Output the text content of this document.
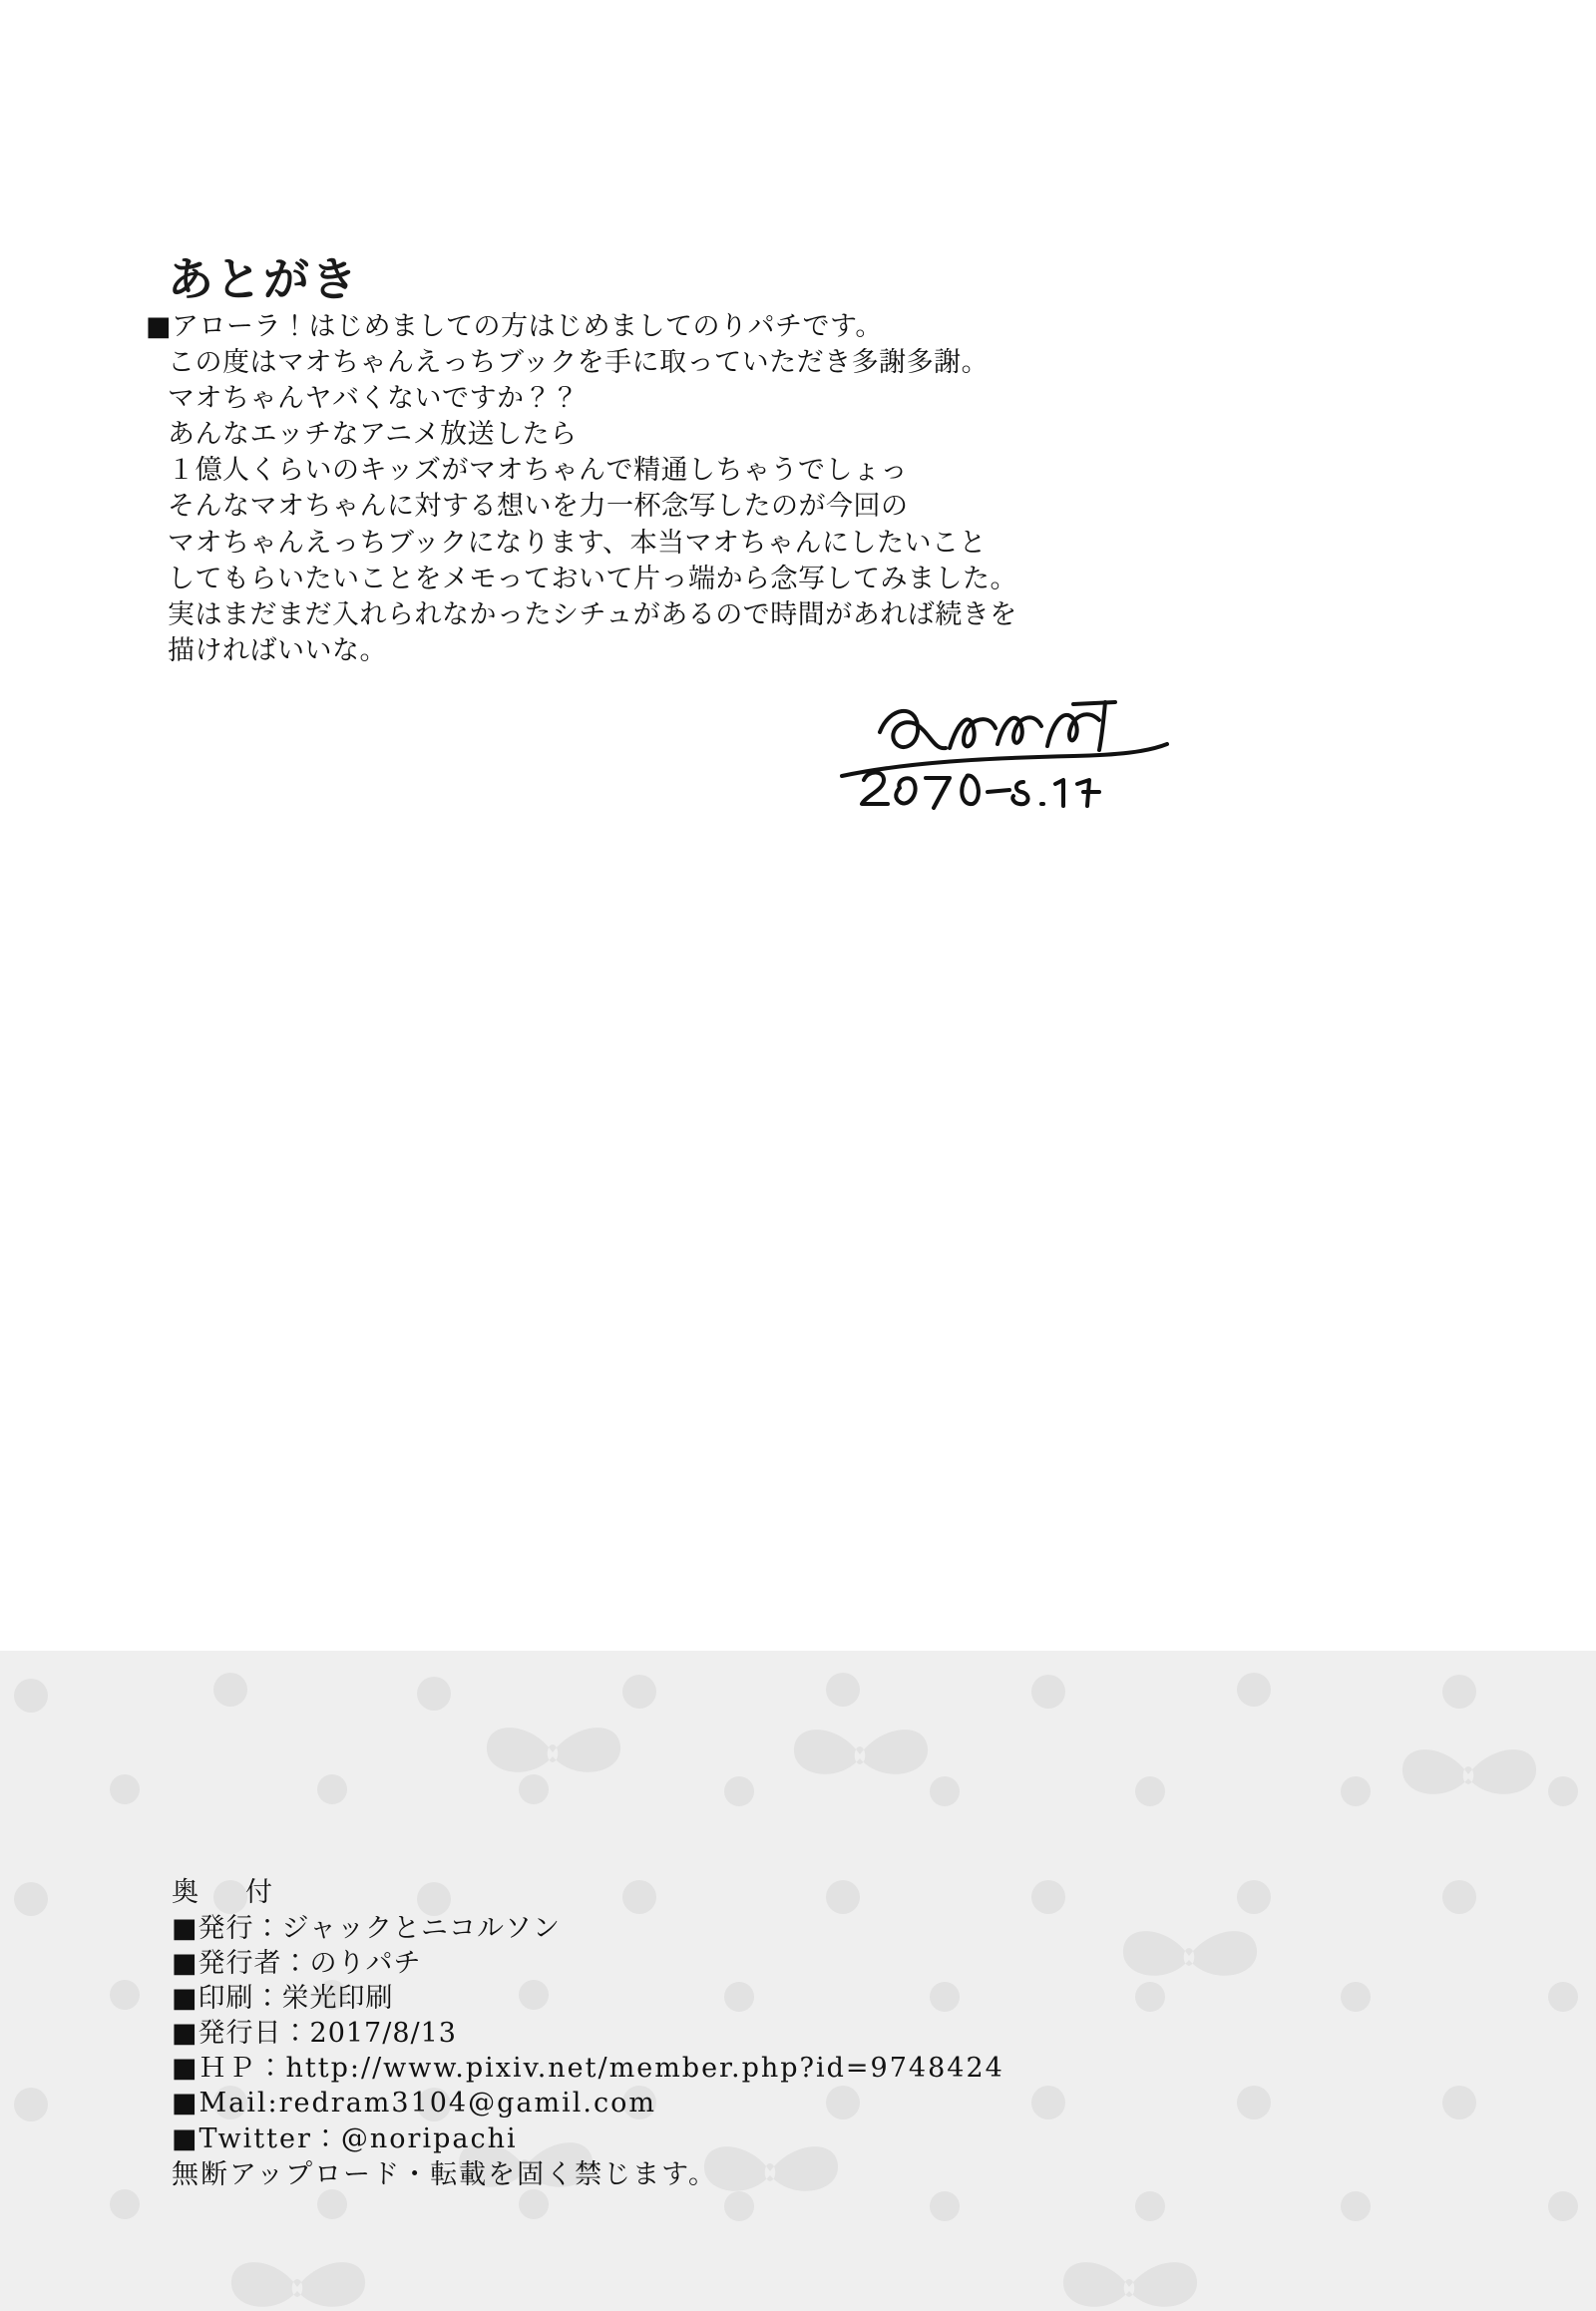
あとがき
■アローラ！はじめましての方はじめましてのりパチです。
この度はマオちゃんえっちブックを手に取っていただき多謝多謝。
マオちゃんヤバくないですか？？
あんなエッチなアニメ放送したら
１億人くらいのキッズがマオちゃんで精通しちゃうでしょっ
そんなマオちゃんに対する想いを力一杯念写したのが今回の
マオちゃんえっちブックになります、本当マオちゃんにしたいこと
してもらいたいことをメモっておいて片っ端から念写してみました。
実はまだまだ入れられなかったシチュがあるので時間があれば続きを
描ければいいな。
奥　付
■発行：ジャックとニコルソン
■発行者：のりパチ
■印刷：栄光印刷
■発行日：2017/8/13
■ＨＰ：http://www.pixiv.net/member.php?id=9748424
■Mail:redram3104@gamil.com
■Twitter：@noripachi
無断アップロード・転載を固く禁じます。
